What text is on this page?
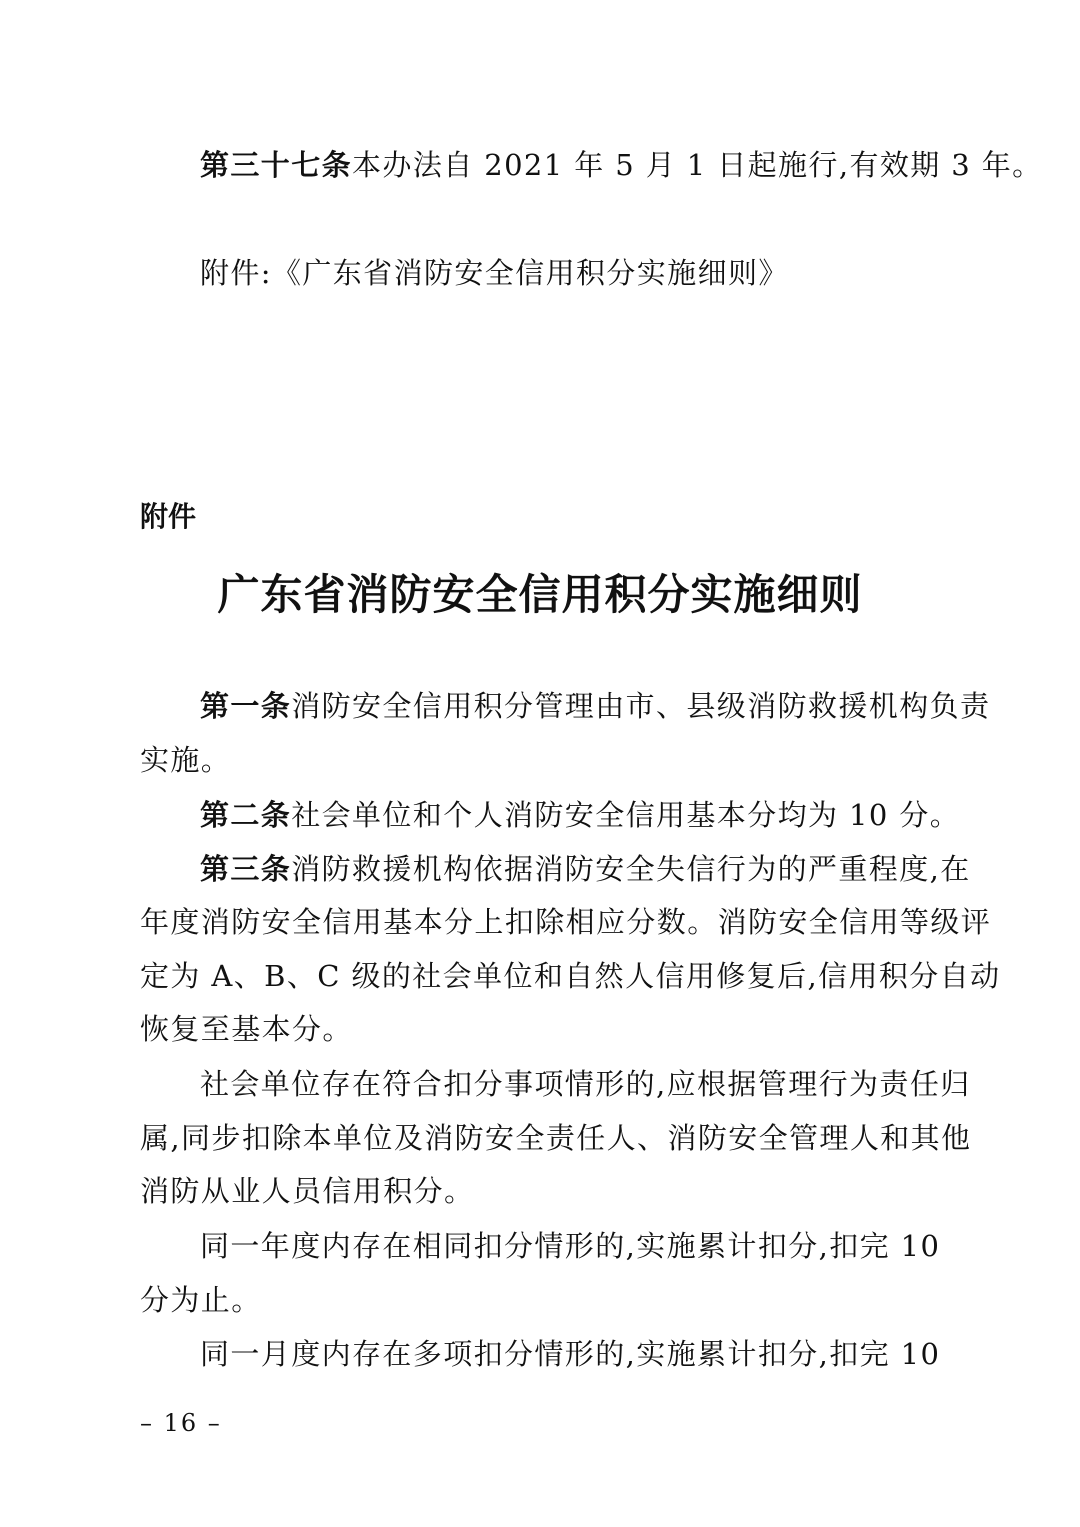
第三十七条本办法自 2021 年 5 月 1 日起施行,有效期 3 年。
附件:《广东省消防安全信用积分实施细则》
附件
广东省消防安全信用积分实施细则
第一条消防安全信用积分管理由市、县级消防救援机构负责
实施。
第二条社会单位和个人消防安全信用基本分均为 10 分。
第三条消防救援机构依据消防安全失信行为的严重程度,在
年度消防安全信用基本分上扣除相应分数。消防安全信用等级评
定为 A、B、C 级的社会单位和自然人信用修复后,信用积分自动
恢复至基本分。
社会单位存在符合扣分事项情形的,应根据管理行为责任归
属,同步扣除本单位及消防安全责任人、消防安全管理人和其他
消防从业人员信用积分。
同一年度内存在相同扣分情形的,实施累计扣分,扣完 10
分为止。
同一月度内存在多项扣分情形的,实施累计扣分,扣完 10
– 16 –
